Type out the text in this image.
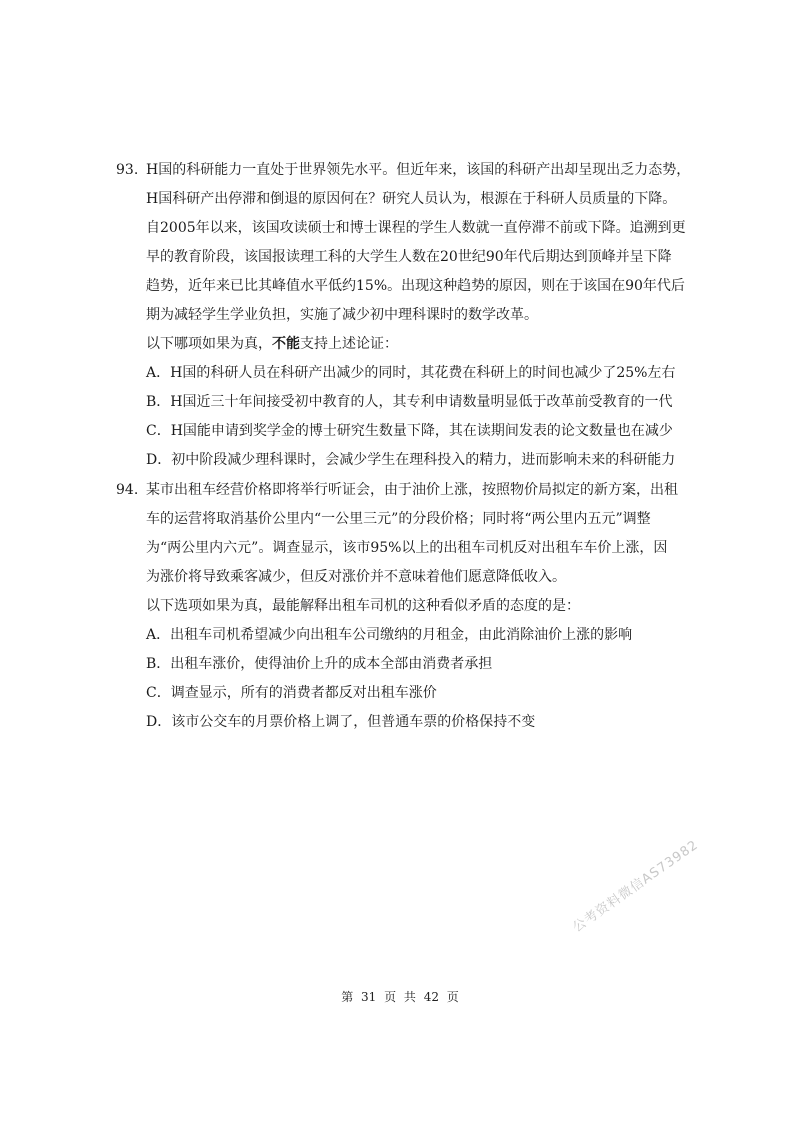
93. H国的科研能力一直处于世界领先水平。但近年来，该国的科研产出却呈现出乏力态势，
H国科研产出停滞和倒退的原因何在？研究人员认为，根源在于科研人员质量的下降。
自2005年以来，该国攻读硕士和博士课程的学生人数就一直停滞不前或下降。追溯到更
早的教育阶段，该国报读理工科的大学生人数在20世纪90年代后期达到顶峰并呈下降
趋势，近年来已比其峰值水平低约15%。出现这种趋势的原因，则在于该国在90年代后
期为减轻学生学业负担，实施了减少初中理科课时的数学改革。
以下哪项如果为真，不能支持上述论证：
A．H国的科研人员在科研产出减少的同时，其花费在科研上的时间也减少了25%左右
B．H国近三十年间接受初中教育的人，其专利申请数量明显低于改革前受教育的一代
C．H国能申请到奖学金的博士研究生数量下降，其在读期间发表的论文数量也在减少
D．初中阶段减少理科课时，会减少学生在理科投入的精力，进而影响未来的科研能力
94. 某市出租车经营价格即将举行听证会，由于油价上涨，按照物价局拟定的新方案，出租
车的运营将取消基价公里内“一公里三元”的分段价格；同时将“两公里内五元”调整
为“两公里内六元”。调查显示，该市95%以上的出租车司机反对出租车车价上涨，因
为涨价将导致乘客减少，但反对涨价并不意味着他们愿意降低收入。
以下选项如果为真，最能解释出租车司机的这种看似矛盾的态度的是：
A．出租车司机希望减少向出租车公司缴纳的月租金，由此消除油价上涨的影响
B．出租车涨价，使得油价上升的成本全部由消费者承担
C．调查显示，所有的消费者都反对出租车涨价
D．该市公交车的月票价格上调了，但普通车票的价格保持不变
公考资料微信AS73982
第 31 页 共 42 页
